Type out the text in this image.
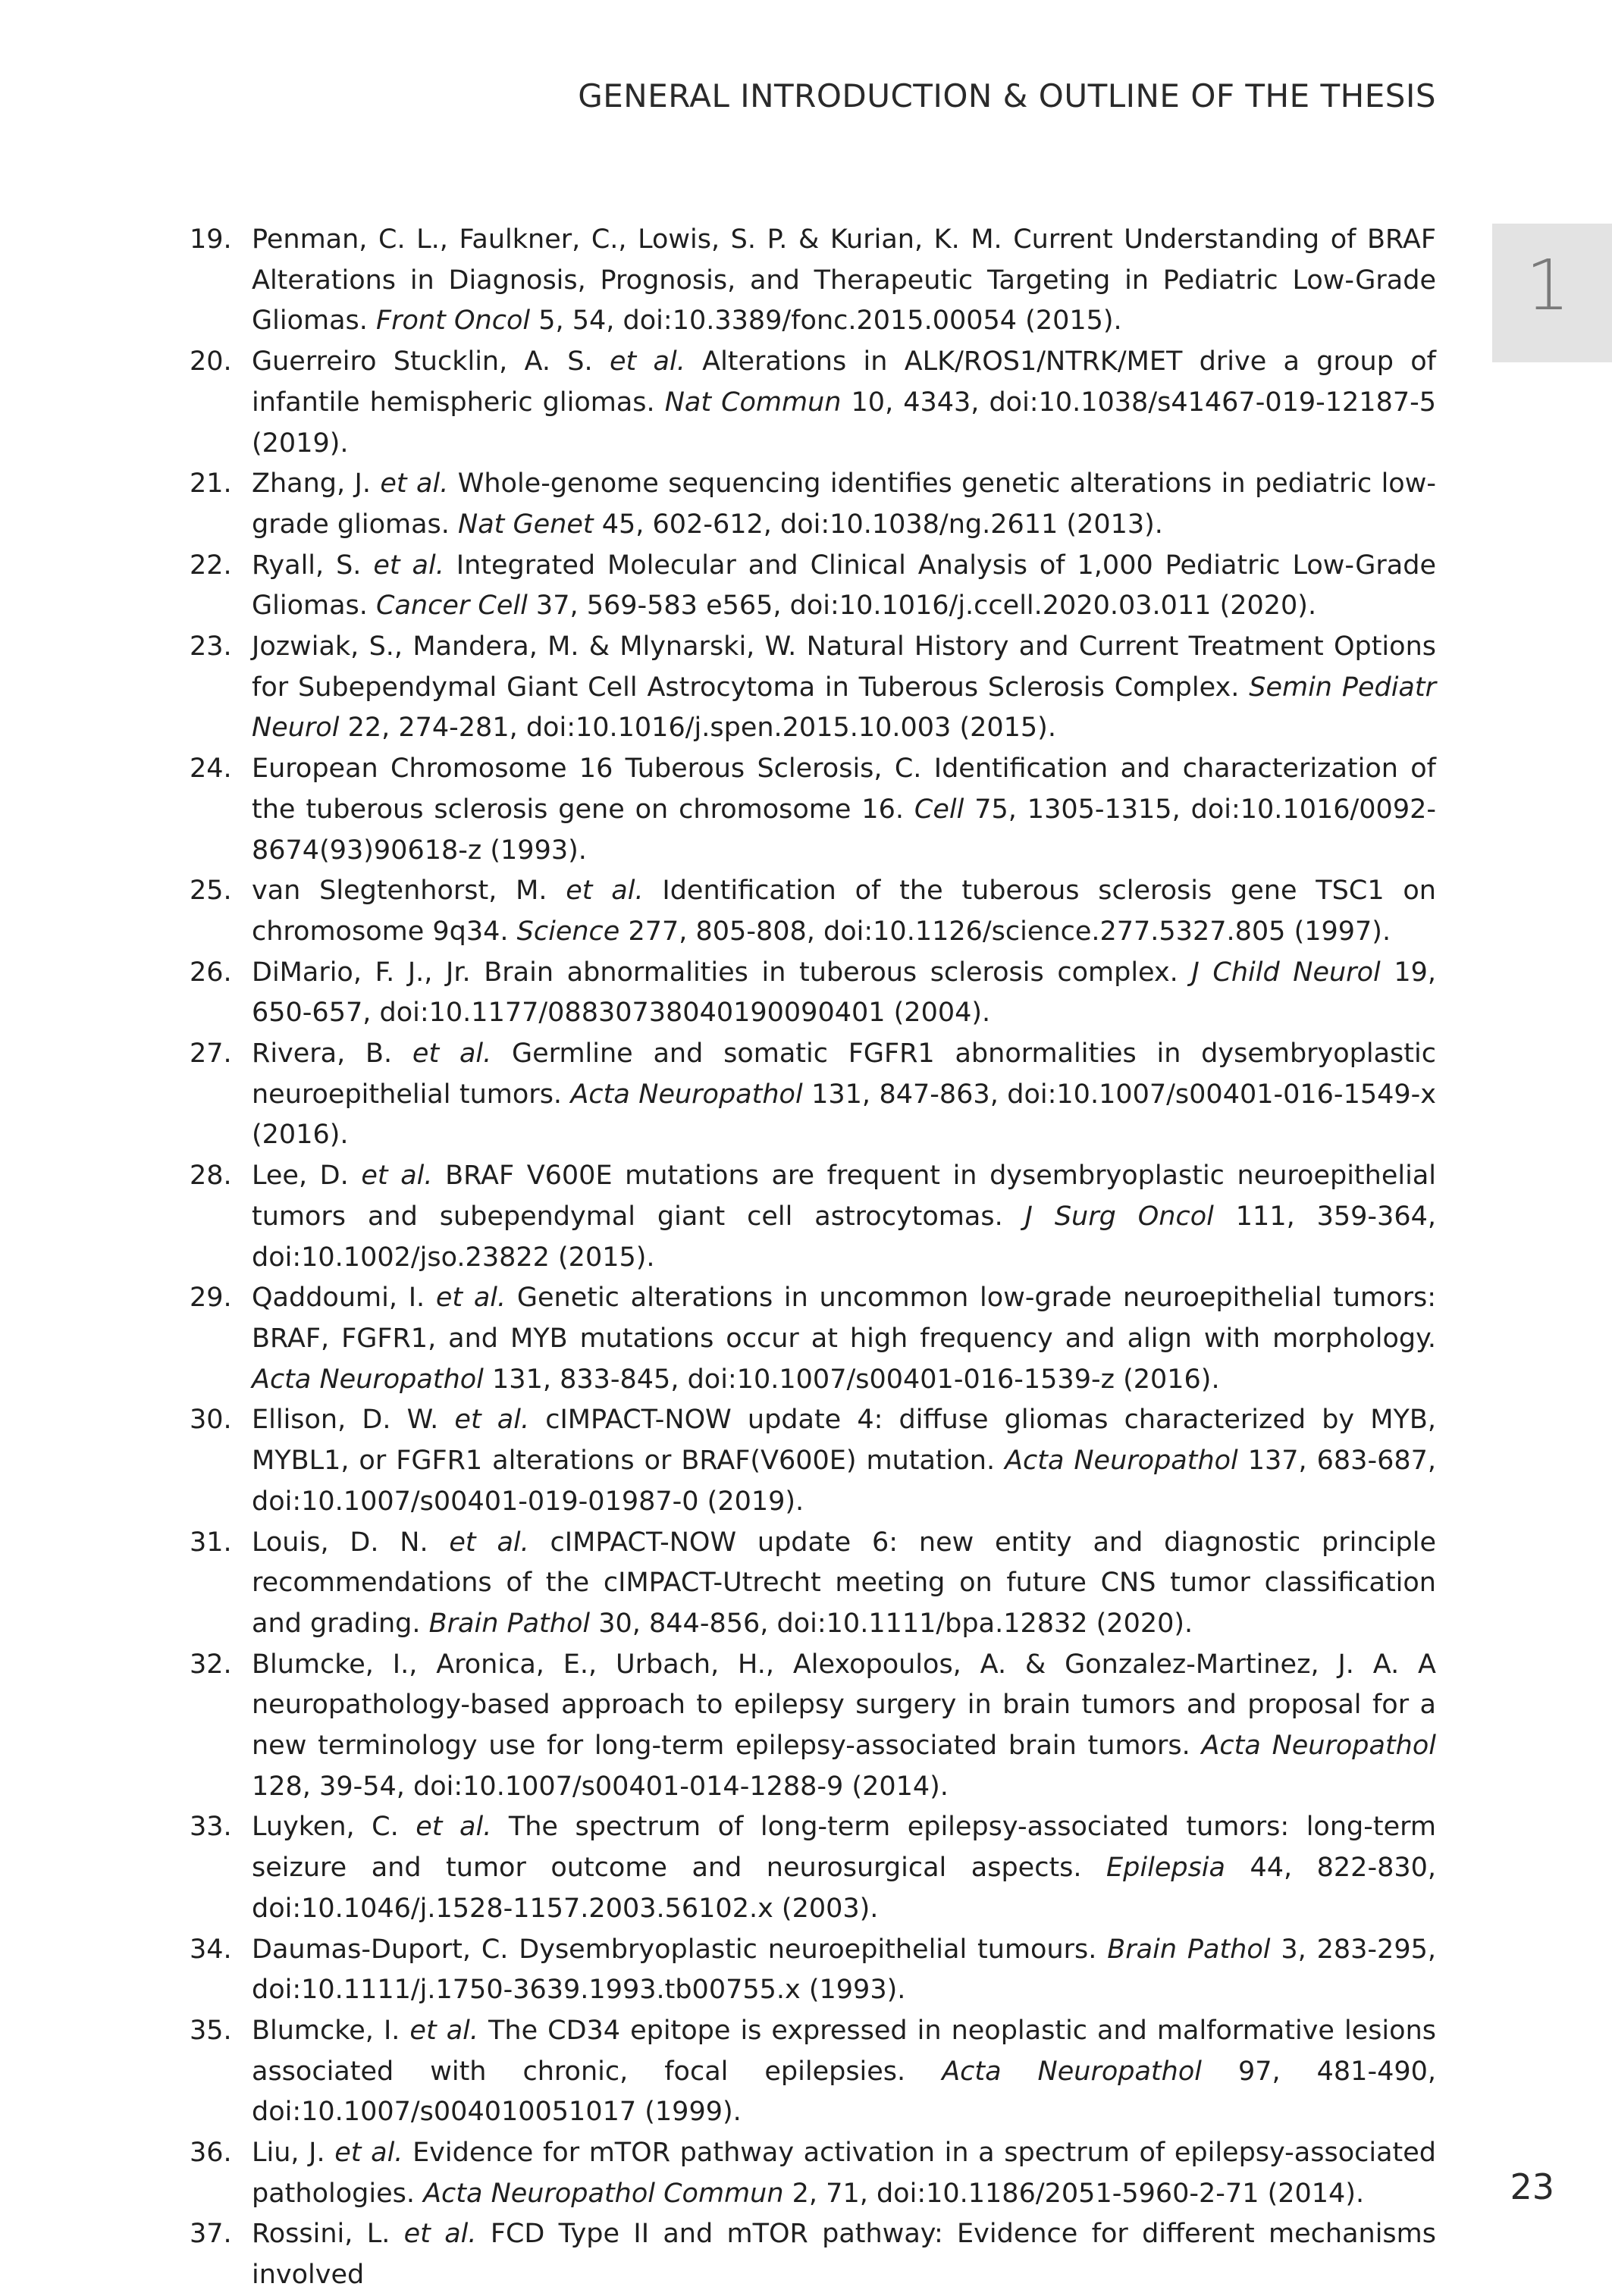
GENERAL INTRODUCTION & OUTLINE OF THE THESIS
1
19. Penman, C. L., Faulkner, C., Lowis, S. P. & Kurian, K. M. Current Understanding of BRAF Alterations in Diagnosis, Prognosis, and Therapeutic Targeting in Pediatric Low-Grade Gliomas. Front Oncol 5, 54, doi:10.3389/fonc.2015.00054 (2015).
20. Guerreiro Stucklin, A. S. et al. Alterations in ALK/ROS1/NTRK/MET drive a group of infantile hemispheric gliomas. Nat Commun 10, 4343, doi:10.1038/s41467-019-12187-5 (2019).
21. Zhang, J. et al. Whole-genome sequencing identifies genetic alterations in pediatric low-grade gliomas. Nat Genet 45, 602-612, doi:10.1038/ng.2611 (2013).
22. Ryall, S. et al. Integrated Molecular and Clinical Analysis of 1,000 Pediatric Low-Grade Gliomas. Cancer Cell 37, 569-583 e565, doi:10.1016/j.ccell.2020.03.011 (2020).
23. Jozwiak, S., Mandera, M. & Mlynarski, W. Natural History and Current Treatment Options for Subependymal Giant Cell Astrocytoma in Tuberous Sclerosis Complex. Semin Pediatr Neurol 22, 274-281, doi:10.1016/j.spen.2015.10.003 (2015).
24. European Chromosome 16 Tuberous Sclerosis, C. Identification and characterization of the tuberous sclerosis gene on chromosome 16. Cell 75, 1305-1315, doi:10.1016/0092-8674(93)90618-z (1993).
25. van Slegtenhorst, M. et al. Identification of the tuberous sclerosis gene TSC1 on chromosome 9q34. Science 277, 805-808, doi:10.1126/science.277.5327.805 (1997).
26. DiMario, F. J., Jr. Brain abnormalities in tuberous sclerosis complex. J Child Neurol 19, 650-657, doi:10.1177/08830738040190090401 (2004).
27. Rivera, B. et al. Germline and somatic FGFR1 abnormalities in dysembryoplastic neuroepithelial tumors. Acta Neuropathol 131, 847-863, doi:10.1007/s00401-016-1549-x (2016).
28. Lee, D. et al. BRAF V600E mutations are frequent in dysembryoplastic neuroepithelial tumors and subependymal giant cell astrocytomas. J Surg Oncol 111, 359-364, doi:10.1002/jso.23822 (2015).
29. Qaddoumi, I. et al. Genetic alterations in uncommon low-grade neuroepithelial tumors: BRAF, FGFR1, and MYB mutations occur at high frequency and align with morphology. Acta Neuropathol 131, 833-845, doi:10.1007/s00401-016-1539-z (2016).
30. Ellison, D. W. et al. cIMPACT-NOW update 4: diffuse gliomas characterized by MYB, MYBL1, or FGFR1 alterations or BRAF(V600E) mutation. Acta Neuropathol 137, 683-687, doi:10.1007/s00401-019-01987-0 (2019).
31. Louis, D. N. et al. cIMPACT-NOW update 6: new entity and diagnostic principle recommendations of the cIMPACT-Utrecht meeting on future CNS tumor classification and grading. Brain Pathol 30, 844-856, doi:10.1111/bpa.12832 (2020).
32. Blumcke, I., Aronica, E., Urbach, H., Alexopoulos, A. & Gonzalez-Martinez, J. A. A neuropathology-based approach to epilepsy surgery in brain tumors and proposal for a new terminology use for long-term epilepsy-associated brain tumors. Acta Neuropathol 128, 39-54, doi:10.1007/s00401-014-1288-9 (2014).
33. Luyken, C. et al. The spectrum of long-term epilepsy-associated tumors: long-term seizure and tumor outcome and neurosurgical aspects. Epilepsia 44, 822-830, doi:10.1046/j.1528-1157.2003.56102.x (2003).
34. Daumas-Duport, C. Dysembryoplastic neuroepithelial tumours. Brain Pathol 3, 283-295, doi:10.1111/j.1750-3639.1993.tb00755.x (1993).
35. Blumcke, I. et al. The CD34 epitope is expressed in neoplastic and malformative lesions associated with chronic, focal epilepsies. Acta Neuropathol 97, 481-490, doi:10.1007/s004010051017 (1999).
36. Liu, J. et al. Evidence for mTOR pathway activation in a spectrum of epilepsy-associated pathologies. Acta Neuropathol Commun 2, 71, doi:10.1186/2051-5960-2-71 (2014).
37. Rossini, L. et al. FCD Type II and mTOR pathway: Evidence for different mechanisms involved
23
